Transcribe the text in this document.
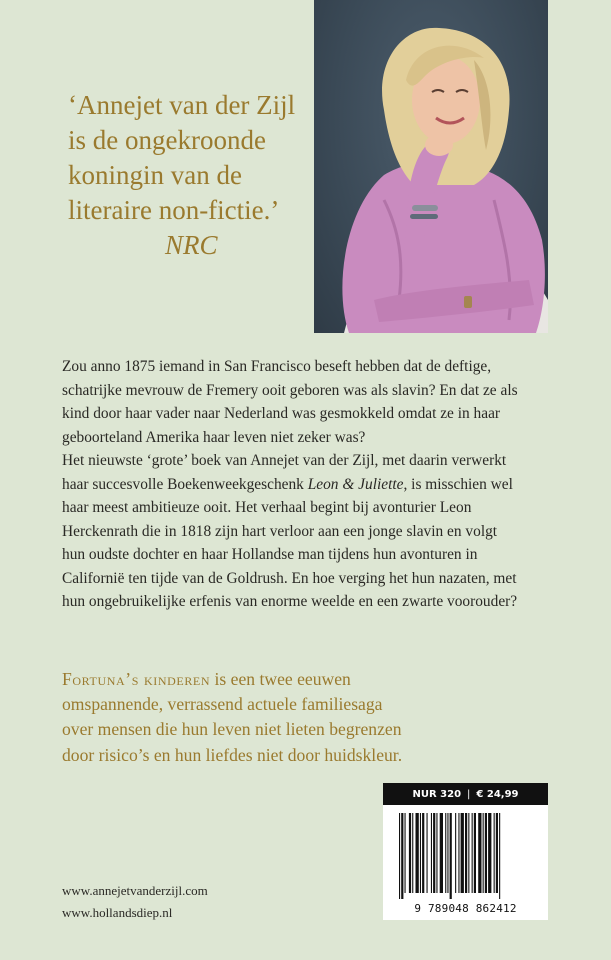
‘Annejet van der Zijl
is de ongekroonde
koningin van de
literaire non-fictie.’
NRC
Zou anno 1875 iemand in San Francisco beseft hebben dat de deftige,
schatrijke mevrouw de Fremery ooit geboren was als slavin? En dat ze als
kind door haar vader naar Nederland was gesmokkeld omdat ze in haar
geboorteland Amerika haar leven niet zeker was?
Het nieuwste ‘grote’ boek van Annejet van der Zijl, met daarin verwerkt
haar succesvolle Boekenweekgeschenk Leon & Juliette, is misschien wel
haar meest ambitieuze ooit. Het verhaal begint bij avonturier Leon
Herckenrath die in 1818 zijn hart verloor aan een jonge slavin en volgt
hun oudste dochter en haar Hollandse man tijdens hun avonturen in
Californië ten tijde van de Goldrush. En hoe verging het hun nazaten, met
hun ongebruikelijke erfenis van enorme weelde en een zwarte voorouder?
Fortuna’s kinderen is een twee eeuwen
omspannende, verrassend actuele familiesaga
over mensen die hun leven niet lieten begrenzen
door risico’s en hun liefdes niet door huidskleur.
NUR 320 | € 24,99
9 789048 862412
www.annejetvanderzijl.com
www.hollandsdiep.nl
